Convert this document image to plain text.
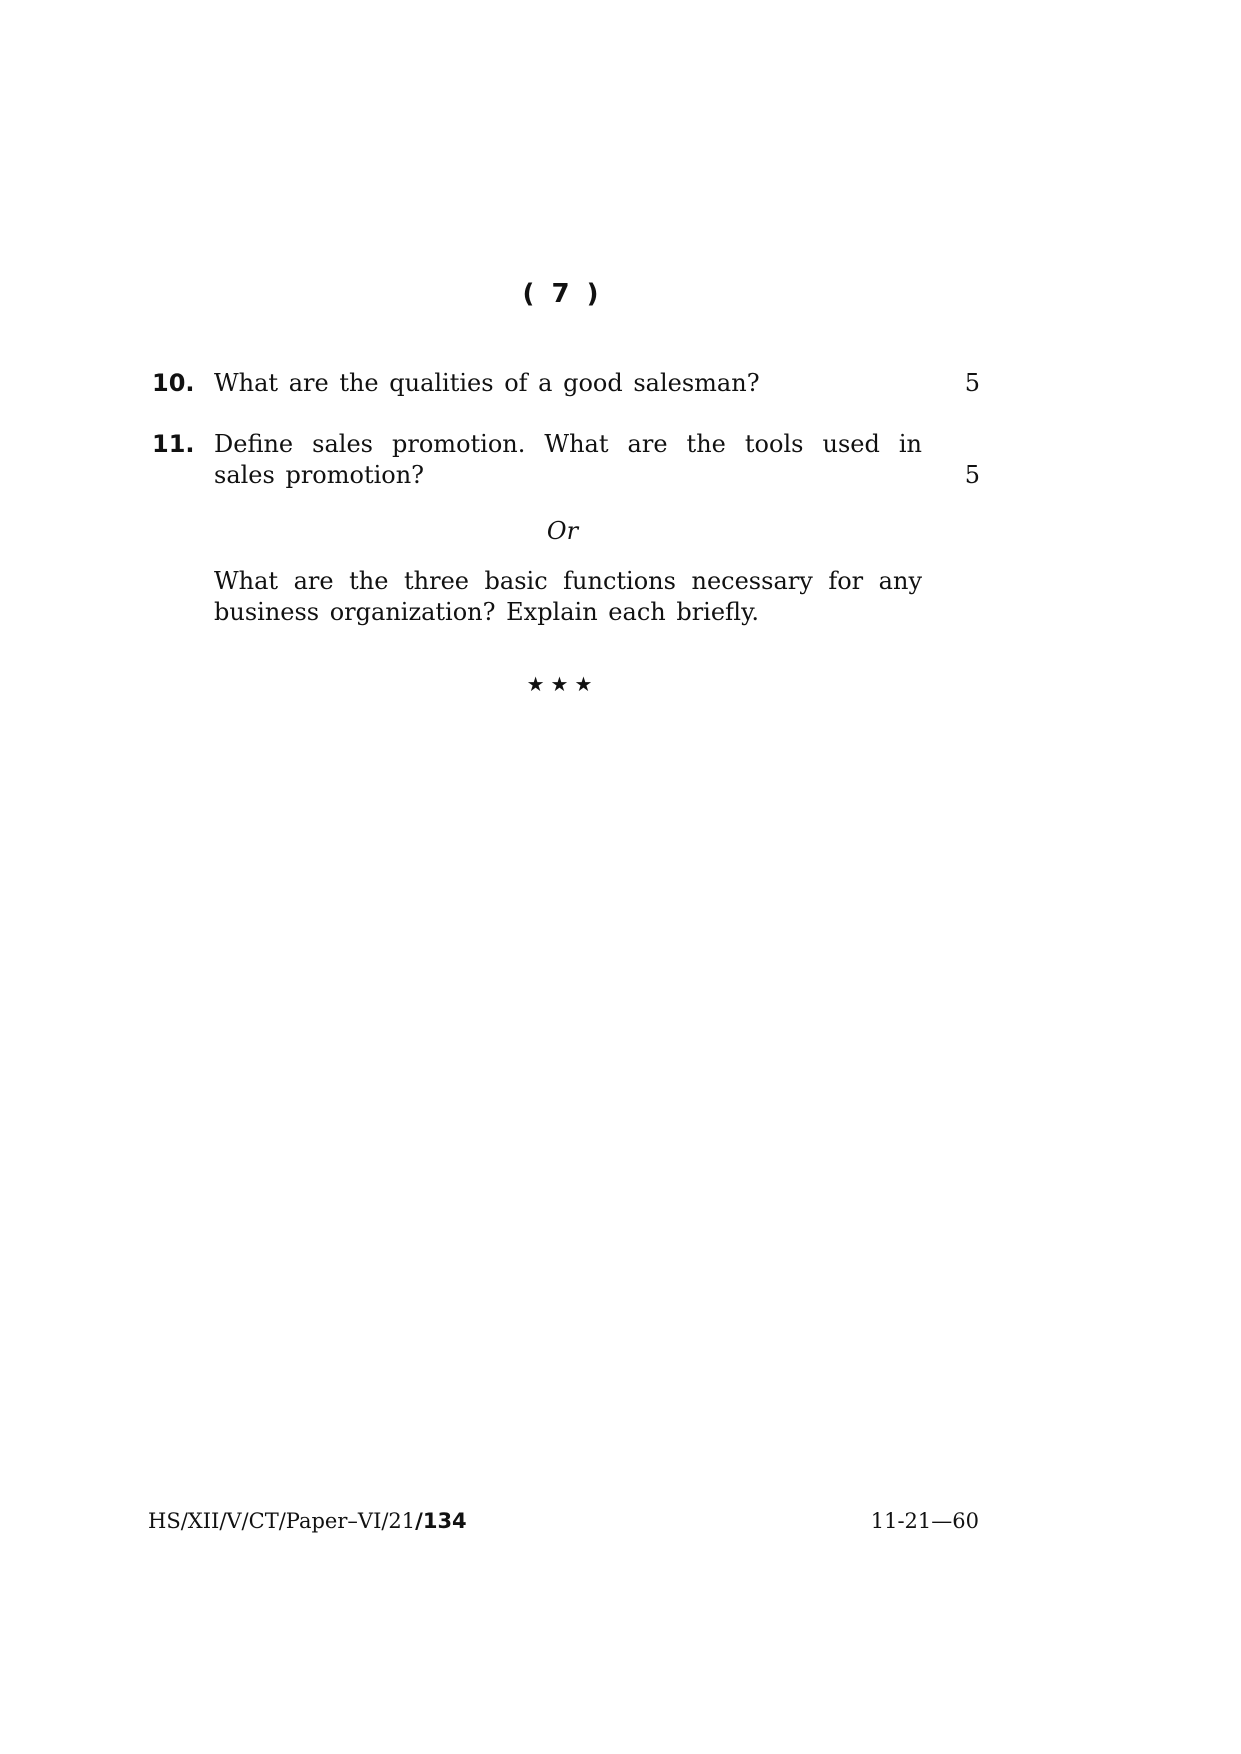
( 7 )
10. What are the qualities of a good salesman?	5
11. Define sales promotion. What are the tools used in sales promotion?	5
Or
What are the three basic functions necessary for any business organization? Explain each briefly.
★★★
HS/XII/V/CT/Paper–VI/21/134	11-21—60
